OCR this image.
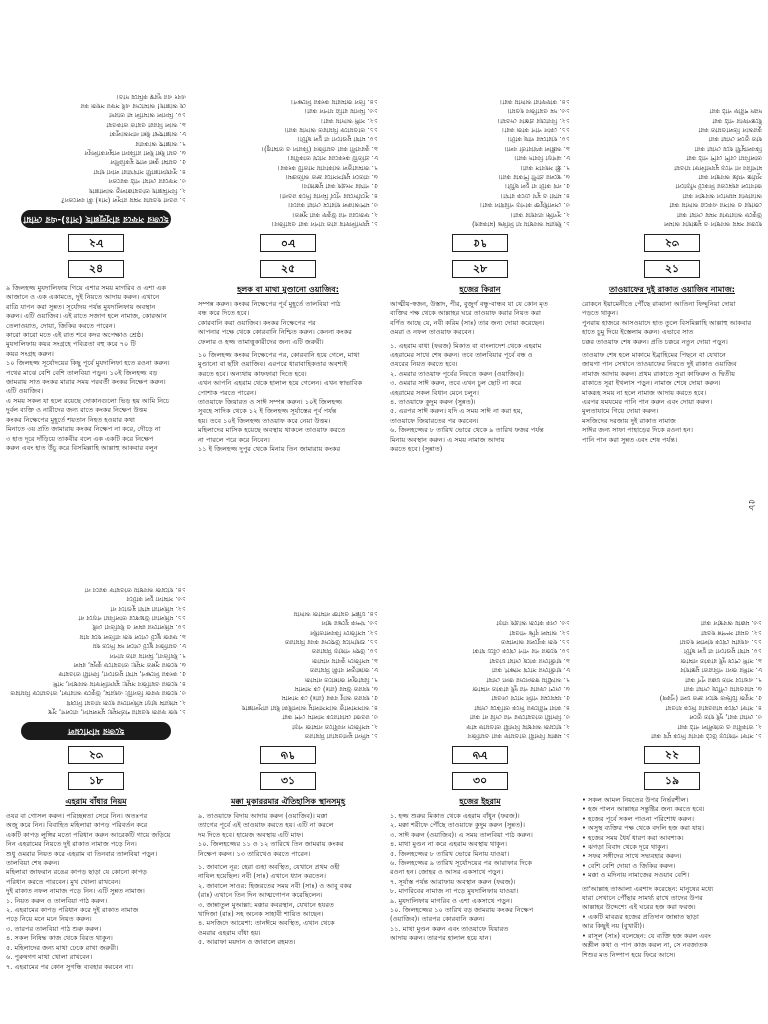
৫৮
৮২
হজের সফরে রাসূলুল্লাহ (সাঃ)-এর দোয়া
১. রওনা হওয়ার সময় রাসূল (সাঃ) কী বলতেন?
২. বিসমিল্লাহ তাওয়াক্কালতু আলাল্লাহ
৩. সফরের দোয়া পাঠ করতেন
৪. সুবহানাল্লাযী সাখখারা লানা হাযা
৫. ওয়ামা কুন্না লাহু মুকরিনীন
৬. ওয়া ইন্না ইলা রাব্বিনা লামুনকালিবূন
৭. আল্লাহু আকবার
৮. আল্লাহুম্মা ইন্না নাসআলুকা
৯. আল বিররা ওয়াত তাকওয়া
১০. মিনাল আমালি মা তারদা
হে আল্লাহ! আমাদের এই সফর সহজ কর
এবং এর দূরত্ব কমিয়ে দাও।
৮০
১. মুযদালিফায় রাত যাপন করা ওয়াজিব।
২. ফজরের পর উকুফ করা সুন্নত।
৩. মাশআরুল হারামে দোয়া করবে।
৪. সূর্যোদয়ের পূর্বে মিনার দিকে রওনা।
৫. পাথর সংগ্রহ করা মুস্তাহাব।
৬. বাতনে মুহাসসারে দ্রুত অতিক্রম।
৭. জামরাতুল আকাবায় সাতটি কংকর।
৮. প্রতিটি কংকরের সাথে তাকবীর।
৯. কুরবানী করা ওয়াজিব (কিরান ও তামাত্তু)।
১০. মাথা মুণ্ডানো বা চুল ছাঁটা।
১১. তাওয়াফে যিয়ারত আদায় করা।
১২. সাঈ আদায় করা।
১৩. মিনায় রাত্রি যাপন করা।
১৪. তিন জামরায় কংকর নিক্ষেপ।
৭৫
১. ইহরাম অবস্থায় যা নিষিদ্ধ (মাকরূহ)
২. সুগন্ধি ব্যবহার করা।
৩. সেলাইযুক্ত কাপড় পরিধান করা।
৪. মাথা ও মুখ ঢেকে রাখা।
৫. নখ কাটা বা চুল ছাঁটা।
৬. স্থলের প্রাণী শিকার করা।
৭. স্ত্রী সহবাস করা।
৮. ঝগড়া বিবাদ করা।
৯. অশ্লীল কথাবার্তা বলা।
১০. হারামের গাছ কাটা।
১১. কোন পাপ কাজ করা।
১২. বিবাহের প্রস্তাব দেওয়া।
১৩. দম ওয়াজিব হওয়া।
১৪. কাফফারা আদায় করা।
৩২
হজের সময় অবস্থান ও মুস্তাহাব আমল
উকুফে আরাফার সময় দোয়া করা
জোহর ও আসর একত্রে আদায় করা
আরাফার ময়দানে অবস্থান করা
জাবালে রহমতের নিকটে দাঁড়ানো
সূর্যাস্ত পর্যন্ত অবস্থান করা
মাগরিব না পড়ে মুযদালিফা যাওয়া
তালবিয়া বেশি বেশি পাঠ করা
কিবলামুখী হয়ে দোয়া করা
হাত তুলে দোয়া করা
কুরআন তিলাওয়াত করা
ইস্তেগফার পাঠ করা
দরূদ শরীফ পাঠ করা
২৪
৯ জিলহজ্জ মুযদালিফায় গিয়ে এশার সময় মাগরিব ও এশা এক
আজানে ও এক একামতে, দুই নিয়তে আদায় করুন। এখানে
রাত্রি যাপন করা সুন্নত। সূর্যোদয় পর্যন্ত মুযদালিফায় অবস্থান
করুন। এটি ওয়াজিব। এই রাতে সজাগ হলে নামাজ, কোরআন
তেলাওয়াত, দোয়া, জিকির করতে পারেন।
কারো কারো মতে এই রাত শবে কদর অপেক্ষাও শ্রেষ্ঠ।
মুযদালিফায় কয়র সংগ্রহে পবিত্রতা বহু করে ৭০ টি
কয়র সংগ্রহ করুন।
১০ জিলহজ্জ সূর্যোদয়ের কিছু পূর্বে মুযদালিফা হতে রওনা করুন।
পথের মাঝে বেশি বেশি তালবিয়া পড়ুন। ১০ই জিলহজ্জ বড়
জামরায় সাত কংকর মারার সময় পরবর্তী কংকর নিক্ষেপ করুন।
এটি ওয়াজিব।
এ সময় সকল যা হলে রয়েছে দোকানগুলো ভিড় হয় আমি নিচে
দুর্বল ব্যক্তি ও নারীদের জন্য রাতে কংকর নিক্ষেপ উত্তম
কংকর নিক্ষেপের মুহূর্তে শয়তান নিহত হওয়ার কথা
মিনাতে ৩য় প্রতি জামারায় কংকর নিক্ষেপ না করে, দৌড়ে না
৩ হাত দূরে দাঁড়িয়ে তাকবীর বলে এক একটি করে নিক্ষেপ
করুন এবং হাত উঁচু করে বিসমিল্লাহি আল্লাহু আকবার বলুন
২৫
হলক বা মাথা মুণ্ডানো ওয়াজিব:
সম্পন্ন করুন। কংকর নিক্ষেপের পূর্ব মুহূর্তে তালবিয়া পাঠ
বন্ধ করে দিতে হবে।
কোরবানি করা ওয়াজিব। কংকর নিক্ষেপের পর
আপনার পক্ষে থেকে কোরবানি নিশ্চিত করুন। কেননা কংকর
ফেলার ও হজ্জ তামাত্তুকারীদের জন্য এটি জরুরী।
১০ জিলহজ্জ কংকর নিক্ষেপের পর, কোরবানি হয়ে গেলে, মাথা
মুণ্ডানো বা ছাঁটা ওয়াজিব। এরপরে ধারাবাহিকতার অবশ্যই
করতে হবে। অন্যথায় কাফফারা দিতে হবে।
এখন আপনি এহরাম থেকে হালাল হয়ে গেলেন। এখন স্বাভাবিক
পোশাক পরতে পারেন।
তাওয়াফে জিয়ারত ও সাঈ সম্পন্ন করুন। ১০ই জিলহজ্জ
সুবহে সাদিক থেকে ১২ ই জিলহজ্জ সূর্যাস্তের পূর্ব পর্যন্ত
হয়। তবে ১০ই জিলহজ্জ তাওয়াফ করে নেয়া উত্তম।
মহিলাদের মাসিক হয়েছে অবস্থায় থাকলে তাওয়াফ করতে
না পারলে পরে করে নিবেন।
১১ ই জিলহজ্জ দুপুর থেকে মিনায় তিন জামারায় কংকর
২৮
হজের কিরান
আত্মীয়-স্বজন, উস্তাদ, পীর, বুজুর্গ বন্ধু-বান্ধব যা যে কোন মৃত
ব্যক্তির পক্ষ থেকে আল্লাহর ঘরে তাওয়াফ করার নিয়ত করা
বর্ণিত আছে যে, নবী করিম (সাঃ) তার জন্য দোয়া করেছেন।
ওমরা ও নফল তাওয়াফ করবেন।
১. এহরাম বাধা (ফরজ) মিকাত বা বাংলাদেশ থেকে এহরাম
এহরামের সাথে শেষ করুন। তবে তালবিয়ার পূর্বে বন্ধ ও
ওযরের নিয়ত করতে হবে।
২. ওমরার তাওয়াফ পূর্বের নিয়তে করুন (ওয়াজিব)।
৩. ওমরার সাঈ করুন, তবে এখন চুল ছোট না করে
এহরামের সকল বিধান মেনে চলুন।
৪. তাওয়াফে কুদুম করুন (সুন্নত)।
৫. এরপর সাঈ করুন। যদি এ সময় সাঈ না করা হয়,
তাওয়াফে জিয়ারতের পর করবেন।
৬. জিলহজ্জের ৮ তারিখ ভোরে থেকে ৯ তারিখ ফজর পর্যন্ত
মিনায় অবস্থান করুন। এ সময় নামাজ আদায়
করতে হবে। (সুন্নাত)
২১
তাওয়াফের দুই রাকাত ওয়াজিব নামাজ:
রোকনে ইয়ামেনীতে পৌঁছে রাব্বানা আতিনা ফিদ্দুনিয়া দোয়া
পড়তে থাকুন।
পুনরায় হাজরে আসওয়াদে হাত তুলে বিসমিল্লাহি আল্লাহু আকবার
হাতে চুমু দিয়ে ইস্তেলাম করুন। এভাবে সাত
চক্কর তাওয়াফ শেষ করুন। প্রতি চক্করে নতুন দোয়া পড়ুন।
তাওয়াফ শেষ হলে মাকামে ইব্রাহিমের পিছনে বা যেখানে
জায়গা পান সেখানে তাওয়াফের নিয়তে দুই রাকাত ওয়াজিব
নামাজ আদায় করুন। প্রথম রাকাতে সূরা কাফিরুন ও দ্বিতীয়
রাকাতে সূরা ইখলাস পড়ুন। নামাজ শেষে দোয়া করুন।
মাকরূহ সময় না হলে নামাজ আদায় করতে হবে।
এরপর যমযমের পানি পান করুন এবং দোয়া করুন।
মুলতাযামে গিয়ে দোয়া করুন।
মসজিদের দরজায় দুই রাকাত নামাজ
সাঈর জন্য সাফা পাহাড়ের দিকে রওনা হন।
পানি পান করা সুন্নত এবং শেষ পর্যন্ত।
৩২
হজের মাসায়েল
১. হজ ফরজ হওয়ার শর্তসমূহ: মুসলমান, বালেগ, সুস্থ
২. মাহরাম ছাড়া মহিলাদের হজে যাওয়া নিষেধ
৩. হজের ফরজ তিনটি: এহরাম, উকুফে আরাফা, তাওয়াফে যিয়ারত
৪. হজের ওয়াজিব সমূহ: মুযদালিফায় অবস্থান, সাঈ
৫. কংকর নিক্ষেপ, মাথা মুণ্ডানো, বিদায়ী তাওয়াফ
৬. হজের সুন্নত সমূহ: তাওয়াফে কুদুম, রমল
৭. ইযতিবা, মিনায় রাত যাপন
৮. ওয়াজিব ছুটে গেলে দম দিতে হয়
৯. ফরজ ছুটে গেলে হজ বাতিল হয়ে যায়
১০. মহিলাদের রমল ও ইযতিবা নেই
১১. মহিলারা উচ্চস্বরে তালবিয়া পড়বে না
১২. মহিলারা মাথা মুণ্ডাবে না
১৩. সামান্য চুল কাটবে
১৪. হায়েজ অবস্থায় তাওয়াফ করবে না
৭৬
১. মদিনা মুনাওয়ারা যিয়ারত
২. মসজিদে নববীতে নামাজ পড়া
৩. রওজা মোবারকে সালাম পেশ করা
৪. আসসালাতু আসসালামু আলাইকা ইয়া রাসূলাল্লাহ
৫. হযরত আবু বকর (রাঃ) কে সালাম
৬. হযরত উমর (রাঃ) কে সালাম
৭. রিয়াজুল জান্নাতে নামাজ
৮. জান্নাতুল বাকী যিয়ারত
৯. মসজিদে কুবায় নামাজ
১০. উহুদ পাহাড় যিয়ারত
১১. শুহাদায়ে উহুদের কবর যিয়ারত
১২. মসজিদে কিবলাতাইন
১৩. খন্দক যুদ্ধের স্থান
১৪. চল্লিশ ওয়াক্ত নামাজ আদায়
৮৬
১. মক্কায় বিদায়ী তাওয়াফ করা ওয়াজিব
২. হায়েজ অবস্থায় বিদায়ী তাওয়াফ মাফ
৩. বিদায়ী তাওয়াফের পর দেরি না করা
৪. কাবা শরীফের দিকে তাকিয়ে দোয়া
৫. যমযমের পানি সাথে নেওয়া
৬. দেশে ফেরার পর দুই রাকাত নামাজ
৭. আত্মীয় স্বজনদের জন্য দোয়া
৮. হাজীদের সাথে সাক্ষাৎ করা
৯. হাজীদের কাছে দোয়া চাওয়া
১০. হজের পর পাপ থেকে বেঁচে থাকা
১১. হজ কবুলের আলামত
১২. আমল বৃদ্ধি পাওয়া
১৩. নেক কাজে আগ্রহ বাড়া
২২
১. সাফা পাহাড়ে উঠে কাবার দিকে মুখ করা
২. তাকবীর ও তাহলীল পাঠ করা
৩. দোয়া করা, দুই হাত তুলে
৪. সাফা থেকে মারওয়ার দিকে যাওয়া
৫. সবুজ চিহ্নিত স্থানে দ্রুত চলা (পুরুষ)
৬. মারওয়ায় পৌঁছে দোয়া করা
৭. এভাবে সাত চক্কর পূর্ণ করা
৮. সাঈর জন্য পবিত্রতা মুস্তাহাব
৯. সাঈ শেষে দুই রাকাত নামাজ
১০. মাথা মুণ্ডানো বা চুল ছাঁটা
১১. এহরাম থেকে হালাল হওয়া
১২. ওমরা সম্পন্ন হওয়া
১৩. মক্কায় অবস্থান করা
১৮
এহরাম বাঁধার নিয়ম
ওযর বা গোসল করুন। পরিচ্ছন্নতা সেরে নিন। অতঃপর
অজু করে নিন। বিবাহিত মহিলারা কাপড় পরিবর্তন করে
একটি কাপড় লুঙ্গির মতো পরিধান করুন আরেকটি গায়ে জড়িয়ে
নিন এহরামের নিয়তে দুই রাকাত নামাজ পড়ে নিন।
শুধু ওমরার নিয়ত করে এহরাম বা তিনবার তালবিয়া পড়ুন।
তালবিয়া শেষ করুন।
মহিলারা জাফরান রঙের কাপড় ছাড়া যে কোনো কাপড়
পরিধান করতে পারবেন। মুখ খোলা রাখবেন।
দুই রাকাত নফল নামাজ পড়ে নিন। এটি সুন্নত নামাজ।
১. নিয়ত করুন ও তালবিয়া পাঠ করুন।
২. এহরামের কাপড় পরিধান করে দুই রাকাত নামাজ
পড়ে নিয়ে মনে মনে নিয়ত করুন।
৩. তারপর তালবিয়া পাঠ শুরু করুন।
৪. সকল নিষিদ্ধ কাজ থেকে বিরত থাকুন।
৫. মহিলাদের জন্য মাথা ঢেকে রাখা জরুরী।
৬. পুরুষগণ মাথা খোলা রাখবেন।
৭. এহরামের পর কোন সুগন্ধি ব্যবহার করবেন না।
৩১
মক্কা মুকাররমার ঐতিহাসিক স্থানসমূহ
৯. তাওয়াফে বিদায় আদায় করুন (ওয়াজিব)। মক্কা
ত্যাগের পূর্বে এই তাওয়াফ করতে হয়। এটি না করলে
দম দিতে হবে। হায়েজ অবস্থায় এটি মাফ।
১০. জিলহজ্জের ১১ ও ১২ তারিখে তিন জামরায় কংকর
নিক্ষেপ করুন। ১৩ তারিখেও করতে পারেন।
১. জাবালে নূর: হেরা গুহা অবস্থিত, যেখানে প্রথম ওহী
নাযিল হয়েছিল। নবী (সাঃ) এখানে ধ্যান করতেন।
২. জাবালে সাওর: হিজরতের সময় নবী (সাঃ) ও আবু বকর
(রাঃ) এখানে তিন দিন আত্মগোপন করেছিলেন।
৩. জান্নাতুল মুআল্লা: মক্কার কবরস্থান, যেখানে হযরত
খাদিজা (রাঃ) সহ অনেক সাহাবী শায়িত আছেন।
৪. মসজিদে আয়েশা: তানঈমে অবস্থিত, এখান থেকে
ওমরার এহরাম বাঁধা হয়।
৫. আরাফা ময়দান ও জাবালে রহমত।
৩০
হজের ইহরাম
১. হজ্জ শুরুর মিকাত থেকে এহরাম বাঁধুন (ফরজ)।
২. মক্কা শরীফে পৌঁছে তাওয়াফে কুদুম করুন (সুন্নত)।
৩. সাঈ করুন (ওয়াজিব)। এ সময় তালবিয়া পাঠ করুন।
৪. মাথা মুণ্ডন না করে এহরাম অবস্থায় থাকুন।
৫. জিলহজ্জের ৮ তারিখ ভোরে মিনায় যাওয়া।
৬. জিলহজ্জের ৯ তারিখ সূর্যোদয়ের পর আরাফার দিকে
রওনা হন। জোহর ও আসর একসাথে পড়ুন।
৭. সূর্যাস্ত পর্যন্ত আরাফায় অবস্থান করুন (ফরজ)।
৮. মাগরিবের নামাজ না পড়ে মুযদালিফায় যাওয়া।
৯. মুযদালিফায় মাগরিব ও এশা একসাথে পড়ুন।
১০. জিলহজ্জের ১০ তারিখ বড় জামরায় কংকর নিক্ষেপ
(ওয়াজিব)। তারপর কোরবানি করুন।
১১. মাথা মুণ্ডন করুন এবং তাওয়াফে যিয়ারত
আদায় করুন। তারপর হালাল হয়ে যান।
১৯
• সকল আমল নিয়তের উপর নির্ভরশীল।
• হজ পালন আল্লাহর সন্তুষ্টির জন্য করতে হবে।
• হজের পূর্বে সকল পাওনা পরিশোধ করুন।
• অসুস্থ ব্যক্তির পক্ষ থেকে বদলি হজ করা যায়।
• হজের সময় ধৈর্য ধারণ করা আবশ্যক।
• ঝগড়া বিবাদ থেকে দূরে থাকুন।
• সফর সঙ্গীদের সাথে সদ্ব্যবহার করুন।
• বেশি বেশি দোয়া ও জিকির করুন।
• মক্কা ও মদিনায় নামাজের সওয়াব বেশি।
তা'আল্লাহ তাআলা এরশাদ করেছেন: মানুষের মধ্যে
যারা সেখানে পৌঁছার সামর্থ্য রাখে তাদের উপর
আল্লাহর উদ্দেশ্যে এই ঘরের হজ করা ফরজ।
• একটি মাবরূর হজের প্রতিদান জান্নাত ছাড়া
আর কিছুই নয় (বুখারী)।
• রাসূল (সাঃ) বলেছেন: যে ব্যক্তি হজ করল এবং
অশ্লীল কথা ও পাপ কাজ করল না, সে নবজাতক
শিশুর মত নিষ্পাপ হয়ে ফিরে আসে।
